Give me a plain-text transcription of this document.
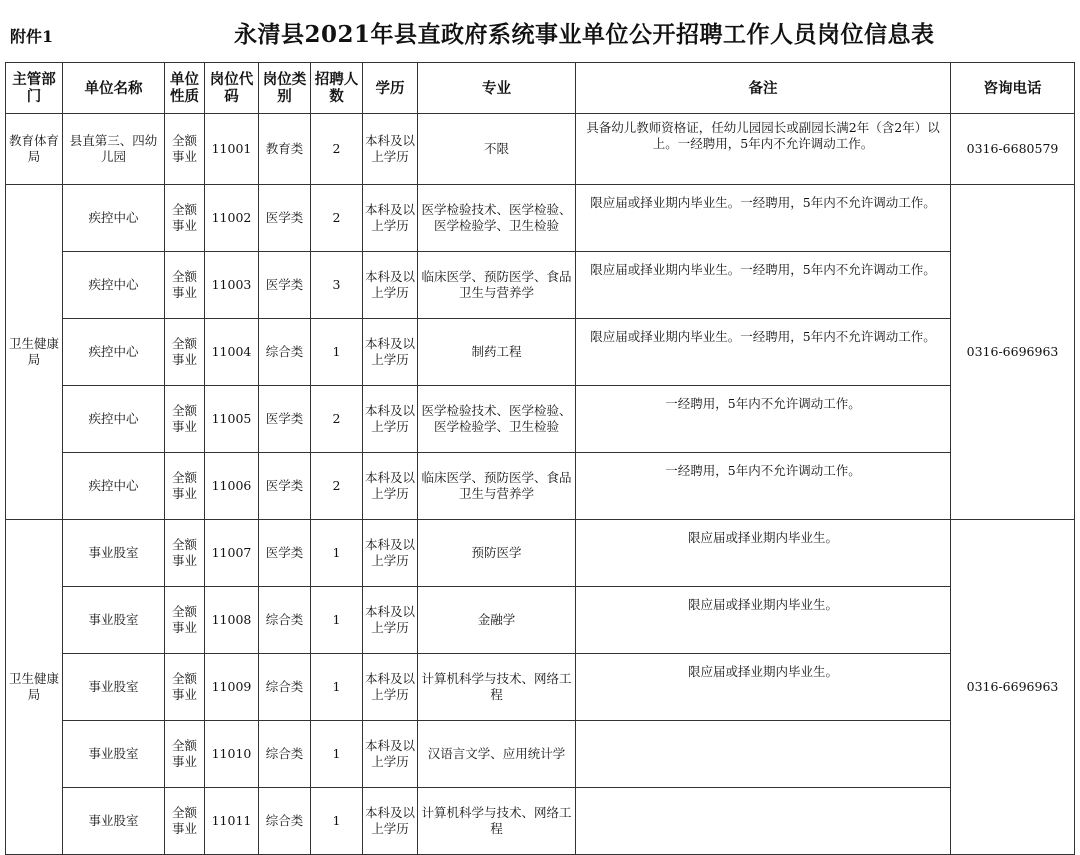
附件1	永清县2021年县直政府系统事业单位公开招聘工作人员岗位信息表
主管部门	单位名称	单位性质	岗位代码	岗位类别	招聘人数	学历	专业	备注	咨询电话
教育体育局	县直第三、四幼儿园	全额事业	11001	教育类	2	本科及以上学历	不限	具备幼儿教师资格证，任幼儿园园长或副园长满2年（含2年）以上。一经聘用，5年内不允许调动工作。	0316-6680579
卫生健康局	疾控中心	全额事业	11002	医学类	2	本科及以上学历	医学检验技术、医学检验、医学检验学、卫生检验	限应届或择业期内毕业生。一经聘用，5年内不允许调动工作。	0316-6696963
	疾控中心	全额事业	11003	医学类	3	本科及以上学历	临床医学、预防医学、食品卫生与营养学	限应届或择业期内毕业生。一经聘用，5年内不允许调动工作。	
	疾控中心	全额事业	11004	综合类	1	本科及以上学历	制药工程	限应届或择业期内毕业生。一经聘用，5年内不允许调动工作。	
	疾控中心	全额事业	11005	医学类	2	本科及以上学历	医学检验技术、医学检验、医学检验学、卫生检验	一经聘用，5年内不允许调动工作。	
	疾控中心	全额事业	11006	医学类	2	本科及以上学历	临床医学、预防医学、食品卫生与营养学	一经聘用，5年内不允许调动工作。	
卫生健康局	事业股室	全额事业	11007	医学类	1	本科及以上学历	预防医学	限应届或择业期内毕业生。	0316-6696963
	事业股室	全额事业	11008	综合类	1	本科及以上学历	金融学	限应届或择业期内毕业生。	
	事业股室	全额事业	11009	综合类	1	本科及以上学历	计算机科学与技术、网络工程	限应届或择业期内毕业生。	
	事业股室	全额事业	11010	综合类	1	本科及以上学历	汉语言文学、应用统计学		
	事业股室	全额事业	11011	综合类	1	本科及以上学历	计算机科学与技术、网络工程		
